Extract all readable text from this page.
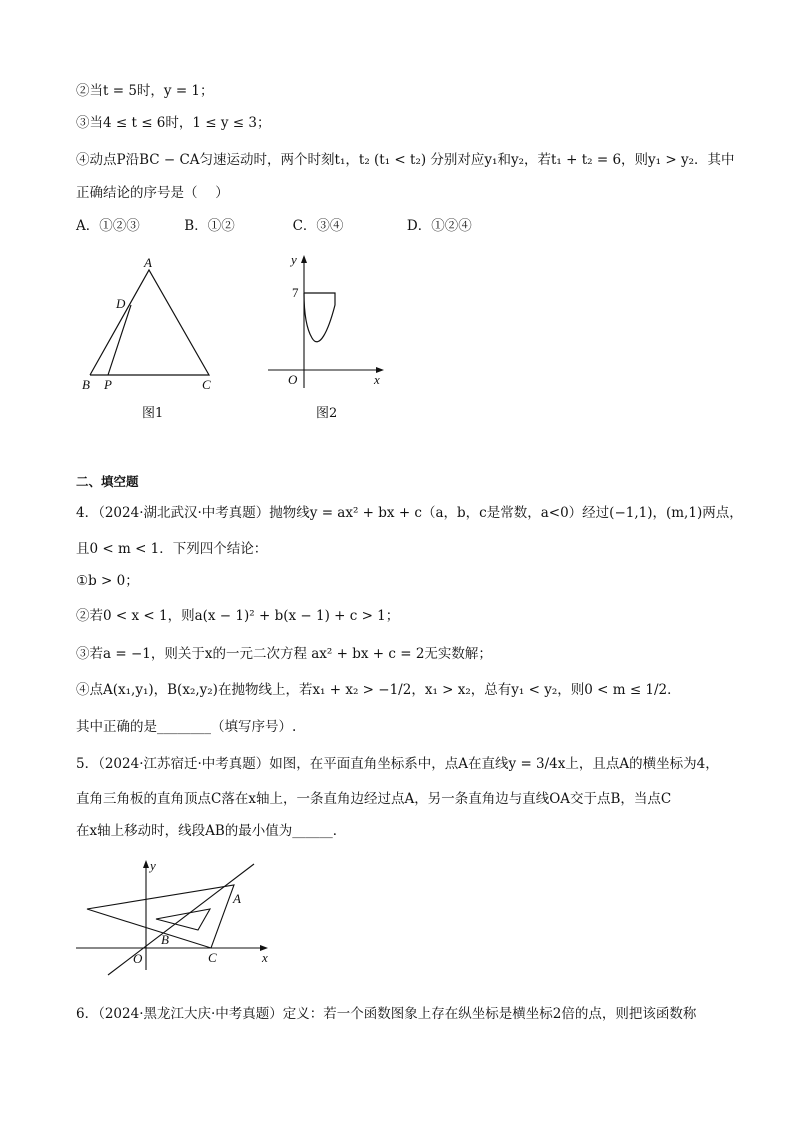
②当t = 5时，y = 1；
③当4 ≤ t ≤ 6时，1 ≤ y ≤ 3；
④动点P沿BC − CA匀速运动时，两个时刻t₁，t₂ (t₁ < t₂) 分别对应y₁和y₂，若t₁ + t₂ = 6，则y₁ > y₂．其中
正确结论的序号是（　 ）
A．①②③	B．①②	C．③④	D．①②④
A
D
B P	C
图1
y
7
O	x
图2
二、填空题
4．（2024·湖北武汉·中考真题）抛物线y = ax² + bx + c（a，b，c是常数，a<0）经过(−1,1)，(m,1)两点，
且0 < m < 1．下列四个结论：
①b > 0；
②若0 < x < 1，则a(x − 1)² + b(x − 1) + c > 1；
③若a = −1，则关于x的一元二次方程 ax² + bx + c = 2无实数解；
④点A(x₁,y₁)，B(x₂,y₂)在抛物线上，若x₁ + x₂ > −1/2，x₁ > x₂，总有y₁ < y₂，则0 < m ≤ 1/2．
其中正确的是________（填写序号）.
5．（2024·江苏宿迁·中考真题）如图，在平面直角坐标系中，点A在直线y = 3/4x上，且点A的横坐标为4，
直角三角板的直角顶点C落在x轴上，一条直角边经过点A，另一条直角边与直线OA交于点B，当点C
在x轴上移动时，线段AB的最小值为______．
y
x
O
A
B
C
6．（2024·黑龙江大庆·中考真题）定义：若一个函数图象上存在纵坐标是横坐标2倍的点，则把该函数称
